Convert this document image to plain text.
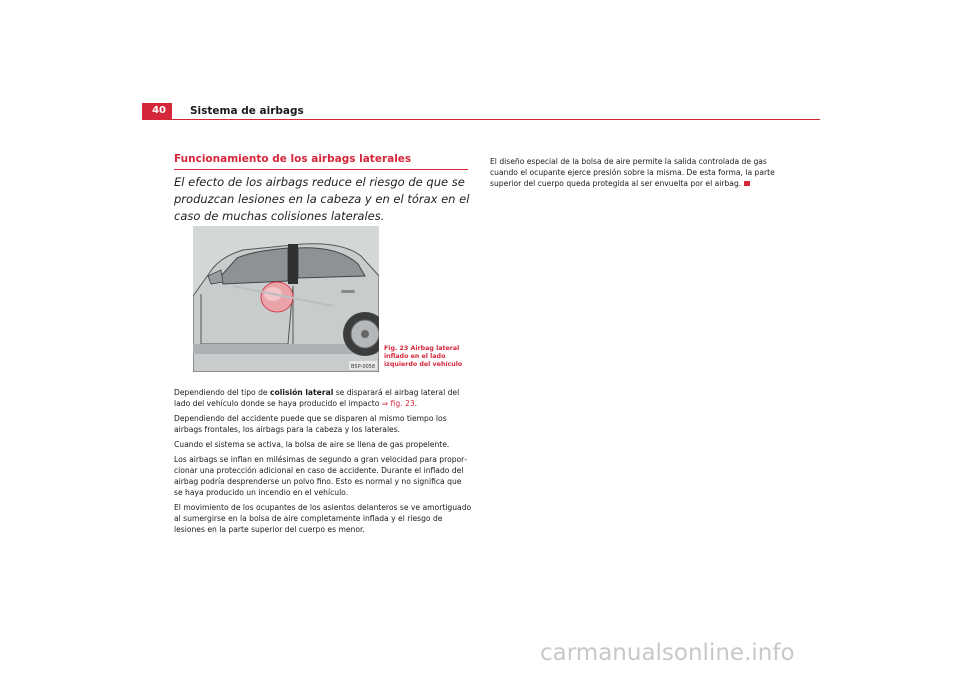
40	Sistema de airbags
Funcionamiento de los airbags laterales
El efecto de los airbags reduce el riesgo de que se produzcan lesiones en la cabeza y en el tórax en el caso de muchas colisiones laterales.
B5P-0058
Fig. 23 Airbag lateral inflado en el lado izquierdo del vehículo

Dependiendo del tipo de colisión lateral se disparará el airbag lateral del lado del vehículo donde se haya producido el impacto ⇒ fig. 23.

Dependiendo del accidente puede que se disparen al mismo tiempo los airbags frontales, los airbags para la cabeza y los laterales.

Cuando el sistema se activa, la bolsa de aire se llena de gas propelente.

Los airbags se inflan en milésimas de segundo a gran velocidad para proporcionar una protección adicional en caso de accidente. Durante el inflado del airbag podría desprenderse un polvo fino. Esto es normal y no significa que se haya producido un incendio en el vehículo.

El movimiento de los ocupantes de los asientos delanteros se ve amortiguado al sumergirse en la bolsa de aire completamente inflada y el riesgo de lesiones en la parte superior del cuerpo es menor.

El diseño especial de la bolsa de aire permite la salida controlada de gas cuando el ocupante ejerce presión sobre la misma. De esta forma, la parte superior del cuerpo queda protegida al ser envuelta por el airbag.
carmanualsonline.info
